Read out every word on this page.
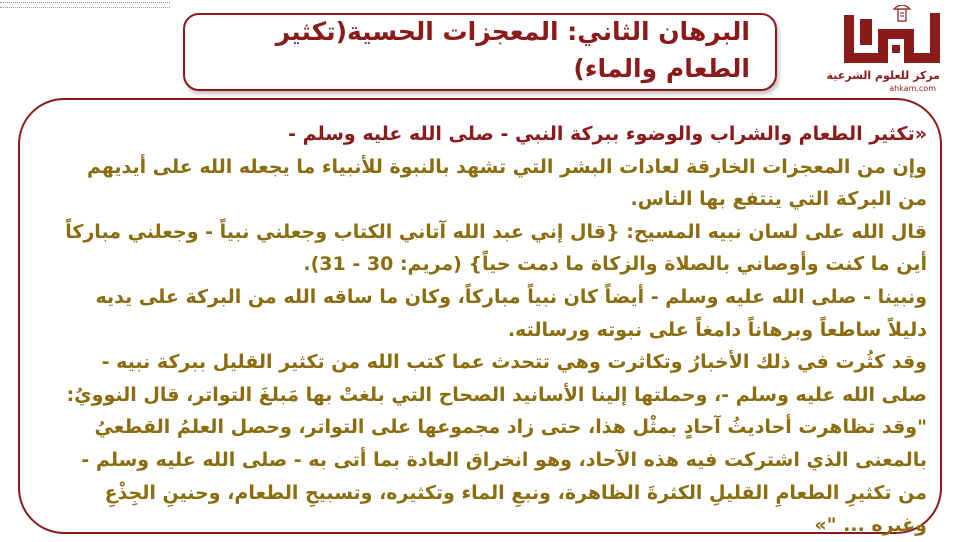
البرهان الثاني: المعجزات الحسية(تكثير الطعام والماء)	مركز للعلوم الشرعية
ahkam.com

«تكثير الطعام والشراب والوضوء ببركة النبي - صلى الله عليه وسلم -

وإن من المعجزات الخارقة لعادات البشر التي تشهد بالنبوة للأنبياء ما يجعله الله على أيديهم من البركة التي ينتفع بها الناس.

قال الله على لسان نبيه المسيح: {قال إني عبد الله آتاني الكتاب وجعلني نبياً - وجعلني مباركاً أين ما كنت وأوصاني بالصلاة والزكاة ما دمت حياً} (مريم: 30 - 31).

ونبينا - صلى الله عليه وسلم - أيضاً كان نبياً مباركاً، وكان ما ساقه الله من البركة على يديه دليلاً ساطعاً وبرهاناً دامغاً على نبوته ورسالته.

وقد كثُرت في ذلك الأخبارُ وتكاثرت وهي تتحدث عما كتب الله من تكثير القليل ببركة نبيه - صلى الله عليه وسلم -، وحملتها إلينا الأسانيد الصحاح التي بلغتْ بها مَبلغَ التواتر، قال النوويُ: "وقد تظاهرت أحاديثُ آحادٍ بمثْل هذا، حتى زاد مجموعها على التواتر، وحصل العلمُ القطعيُ بالمعنى الذي اشتركت فيه هذه الآحاد، وهو انخراق العادة بما أتى به - صلى الله عليه وسلم - من تكثيرِ الطعامِ القليلِ الكثرةَ الظاهرة، ونبعِ الماء وتكثيره، وتسبيحِ الطعام، وحنينِ الجِذْعِ وغيره ... "»
